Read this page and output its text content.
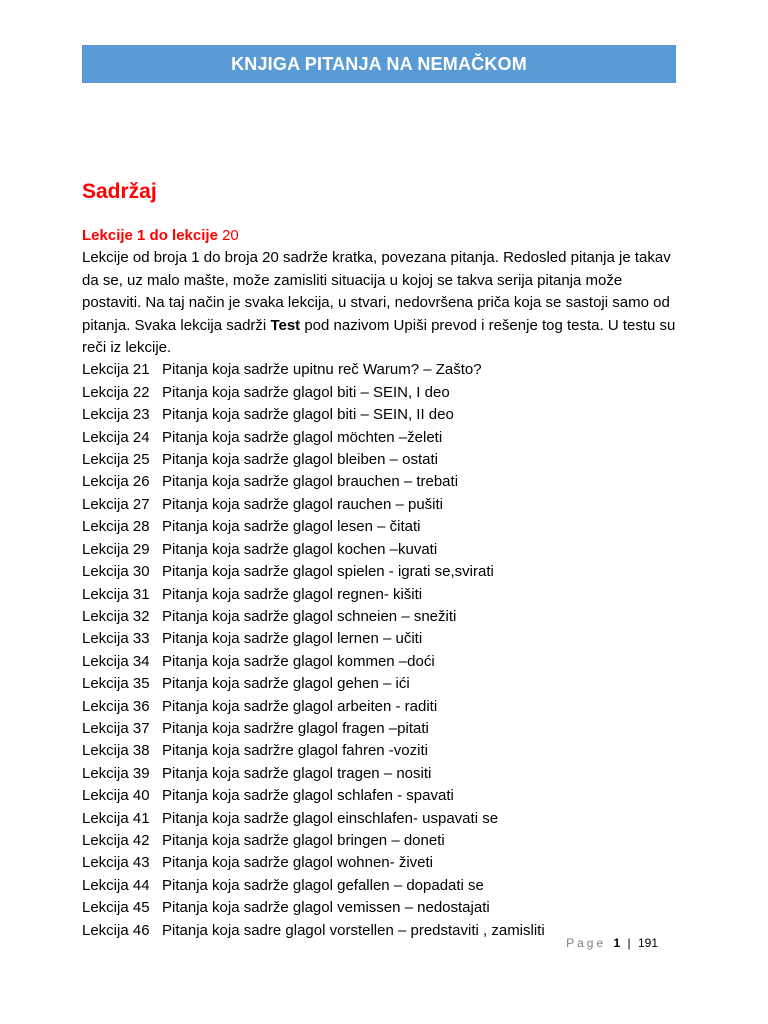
KNJIGA PITANJA NA NEMAČKOM
Sadržaj
Lekcije 1 do lekcije 20

Lekcije od broja 1 do broja 20 sadrže kratka, povezana pitanja. Redosled pitanja je takav da se, uz malo mašte, može zamisliti situacija u kojoj se takva serija pitanja može postaviti. Na taj način je svaka lekcija, u stvari, nedovršena priča koja se sastoji samo od pitanja. Svaka lekcija sadrži Test pod nazivom Upiši prevod i rešenje tog testa. U testu su reči iz lekcije.

Lekcija 21 Pitanja koja sadrže upitnu reč Warum? – Zašto?
Lekcija 22 Pitanja koja sadrže glagol biti – SEIN, I deo
Lekcija 23 Pitanja koja sadrže glagol biti – SEIN, II deo
Lekcija 24 Pitanja koja sadrže glagol möchten –želeti
Lekcija 25 Pitanja koja sadrže glagol bleiben – ostati
Lekcija 26 Pitanja koja sadrže glagol brauchen – trebati
Lekcija 27 Pitanja koja sadrže glagol rauchen – pušiti
Lekcija 28 Pitanja koja sadrže glagol lesen – čitati
Lekcija 29 Pitanja koja sadrže glagol kochen –kuvati
Lekcija 30 Pitanja koja sadrže glagol spielen - igrati se,svirati
Lekcija 31 Pitanja koja sadrže glagol regnen- kišiti
Lekcija 32 Pitanja koja sadrže glagol schneien – snežiti
Lekcija 33 Pitanja koja sadrže glagol lernen – učiti
Lekcija 34 Pitanja koja sadrže glagol kommen –doći
Lekcija 35 Pitanja koja sadrže glagol gehen – ići
Lekcija 36 Pitanja koja sadrže glagol arbeiten - raditi
Lekcija 37 Pitanja koja sadržre glagol fragen –pitati
Lekcija 38 Pitanja koja sadržre glagol fahren -voziti
Lekcija 39 Pitanja koja sadrže glagol tragen – nositi
Lekcija 40 Pitanja koja sadrže glagol schlafen - spavati
Lekcija 41 Pitanja koja sadrže glagol einschlafen- uspavati se
Lekcija 42 Pitanja koja sadrže glagol bringen – doneti
Lekcija 43 Pitanja koja sadrže glagol wohnen- živeti
Lekcija 44 Pitanja koja sadrže glagol gefallen – dopadati se
Lekcija 45 Pitanja koja sadrže glagol vemissen – nedostajati
Lekcija 46 Pitanja koja sadre glagol vorstellen – predstaviti , zamisliti
Page 1 | 191
